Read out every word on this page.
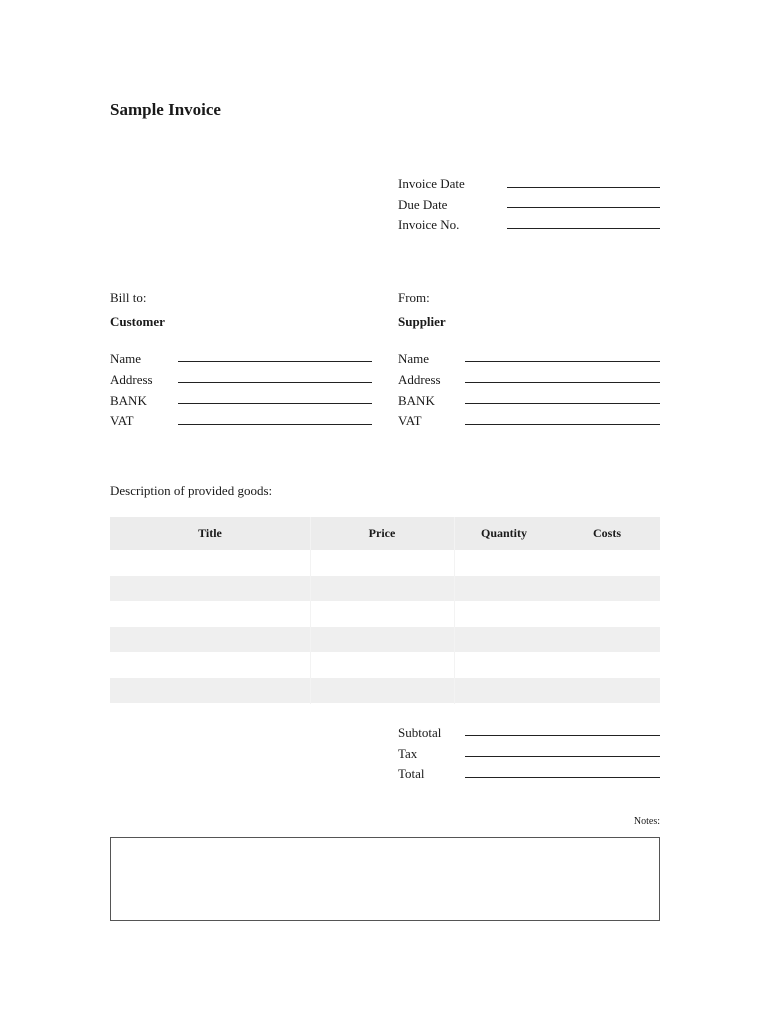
Sample Invoice
Invoice Date
Due Date
Invoice No.
Bill to:
Customer
Name
Address
BANK
VAT
From:
Supplier
Name
Address
BANK
VAT
Description of provided goods:
Title	Price	Quantity	Costs
Subtotal
Tax
Total
Notes:
